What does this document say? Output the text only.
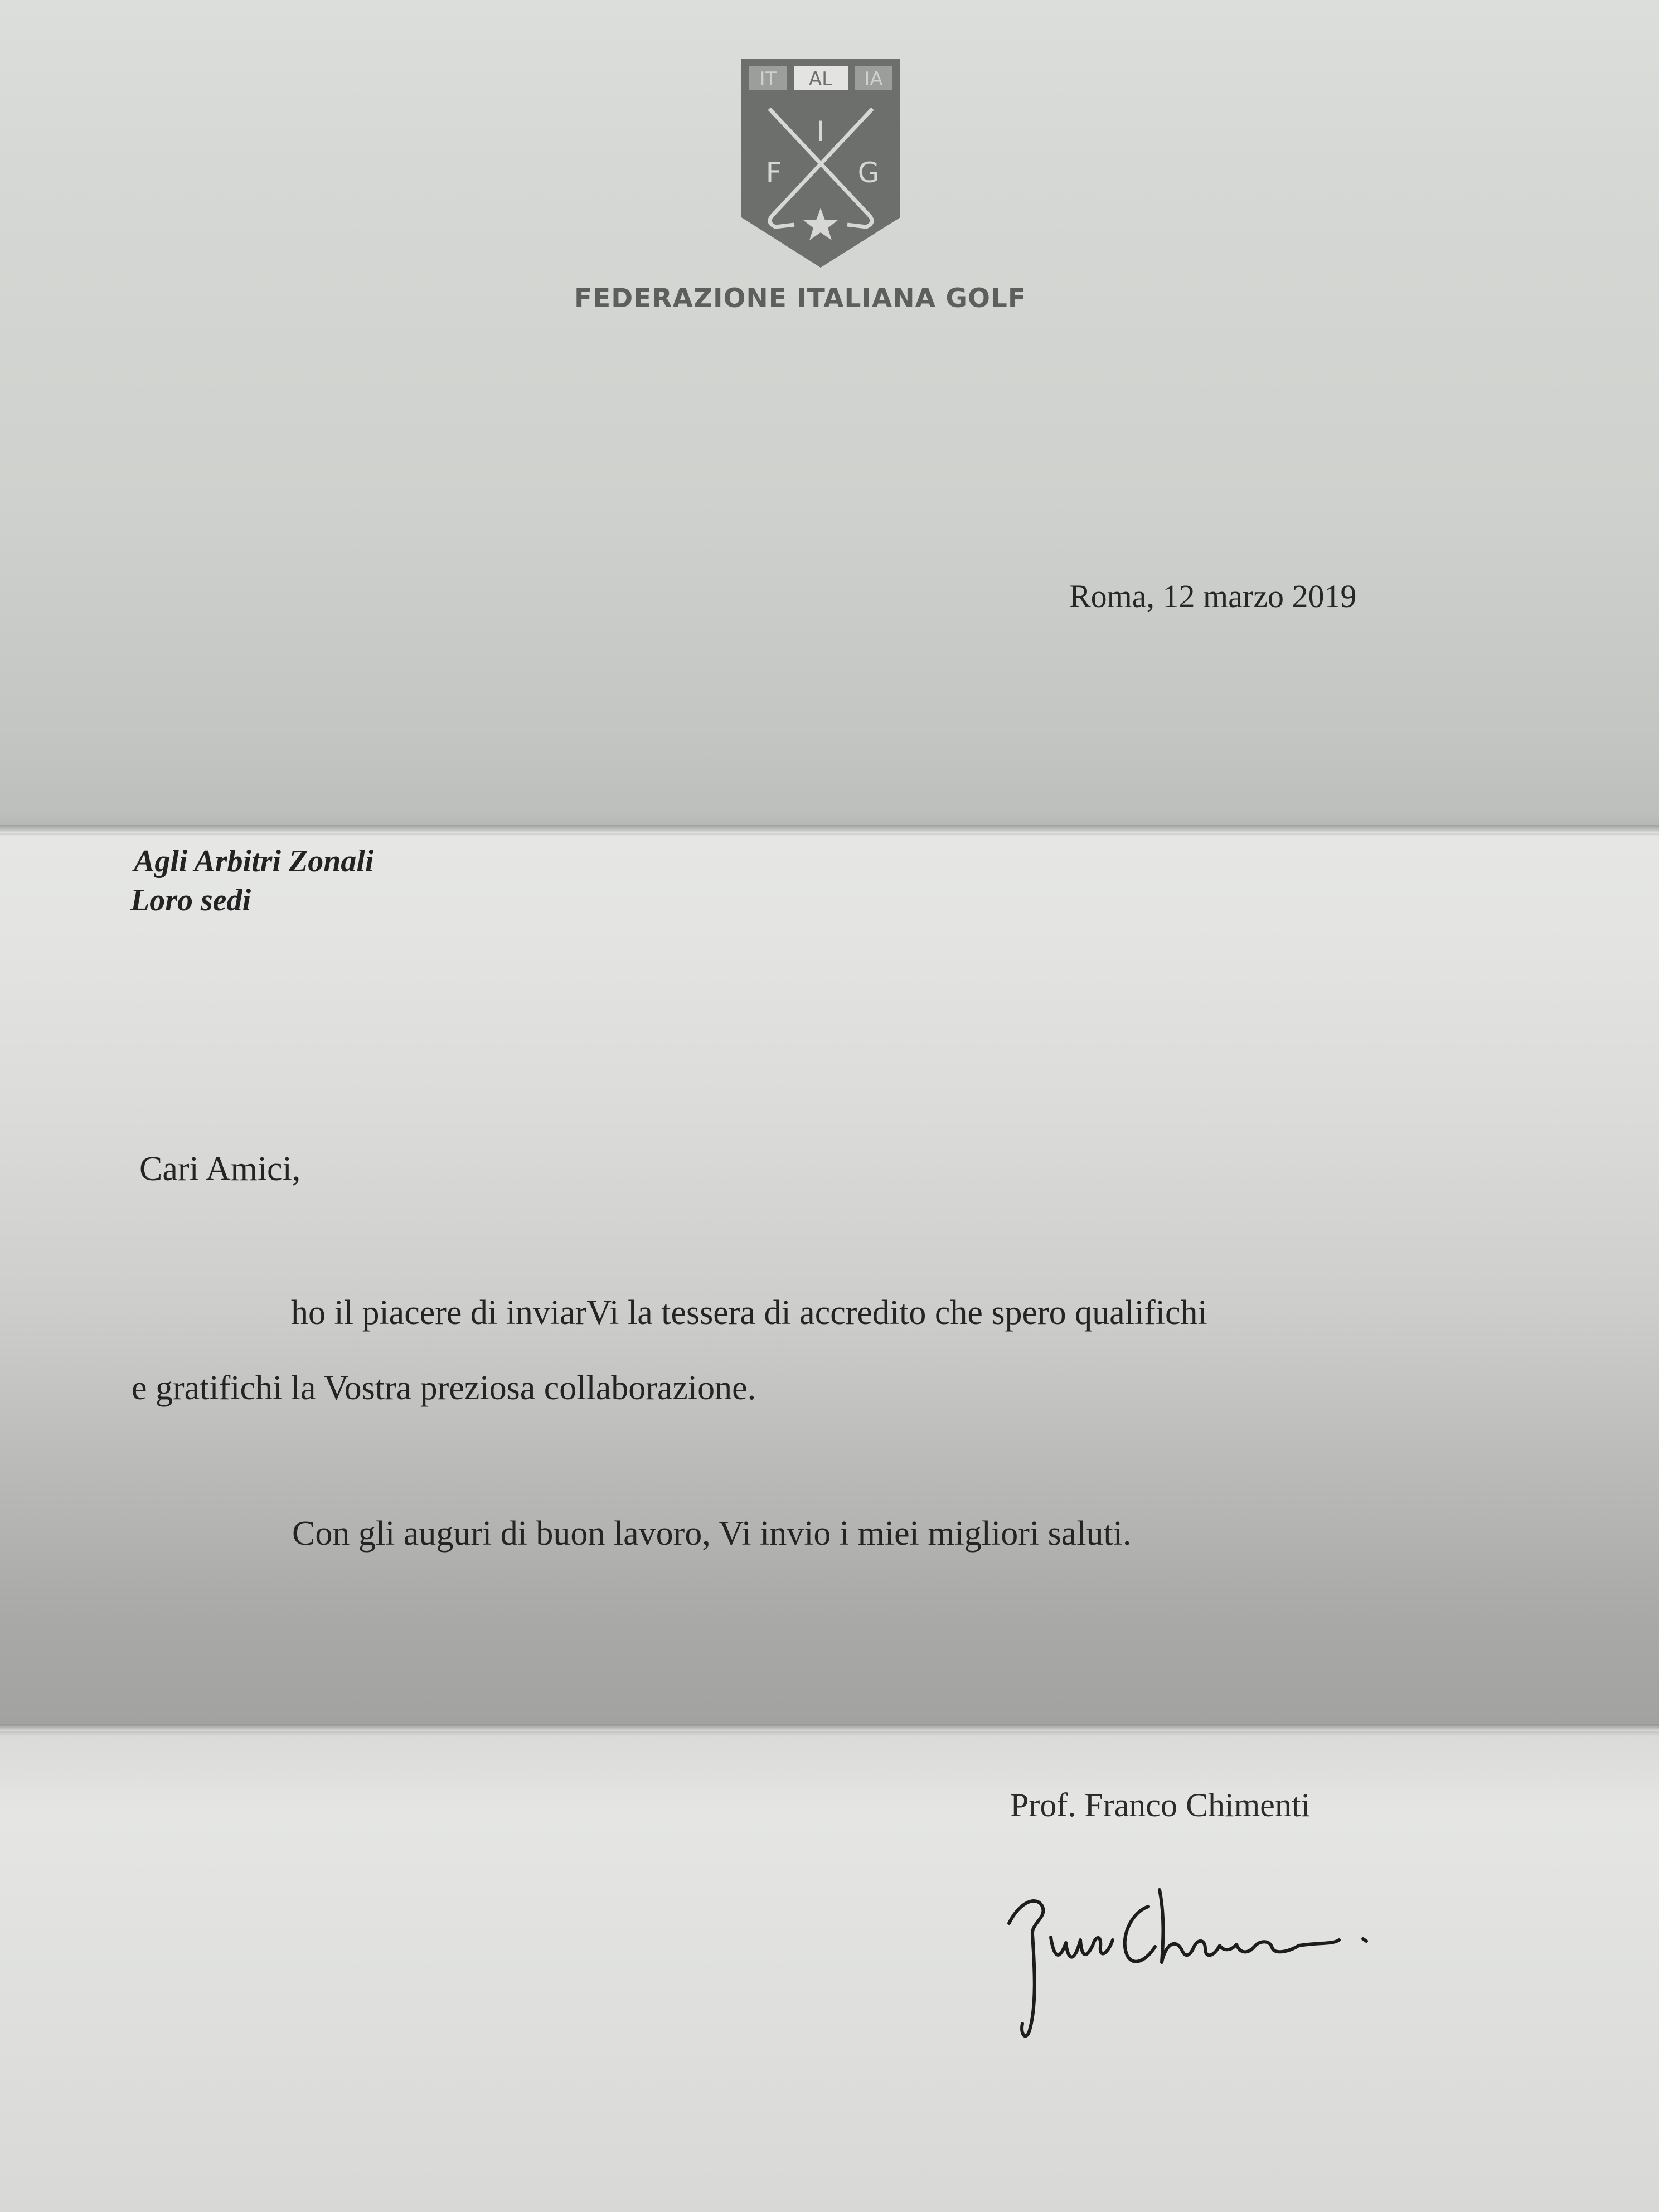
IT AL IA
F
I
G
FEDERAZIONE ITALIANA GOLF
Roma, 12 marzo 2019
Agli Arbitri Zonali
Loro sedi
Cari Amici,
ho il piacere di inviarVi la tessera di accredito che spero qualifichi
e gratifichi la Vostra preziosa collaborazione.
Con gli auguri di buon lavoro, Vi invio i miei migliori saluti.
Prof. Franco Chimenti
